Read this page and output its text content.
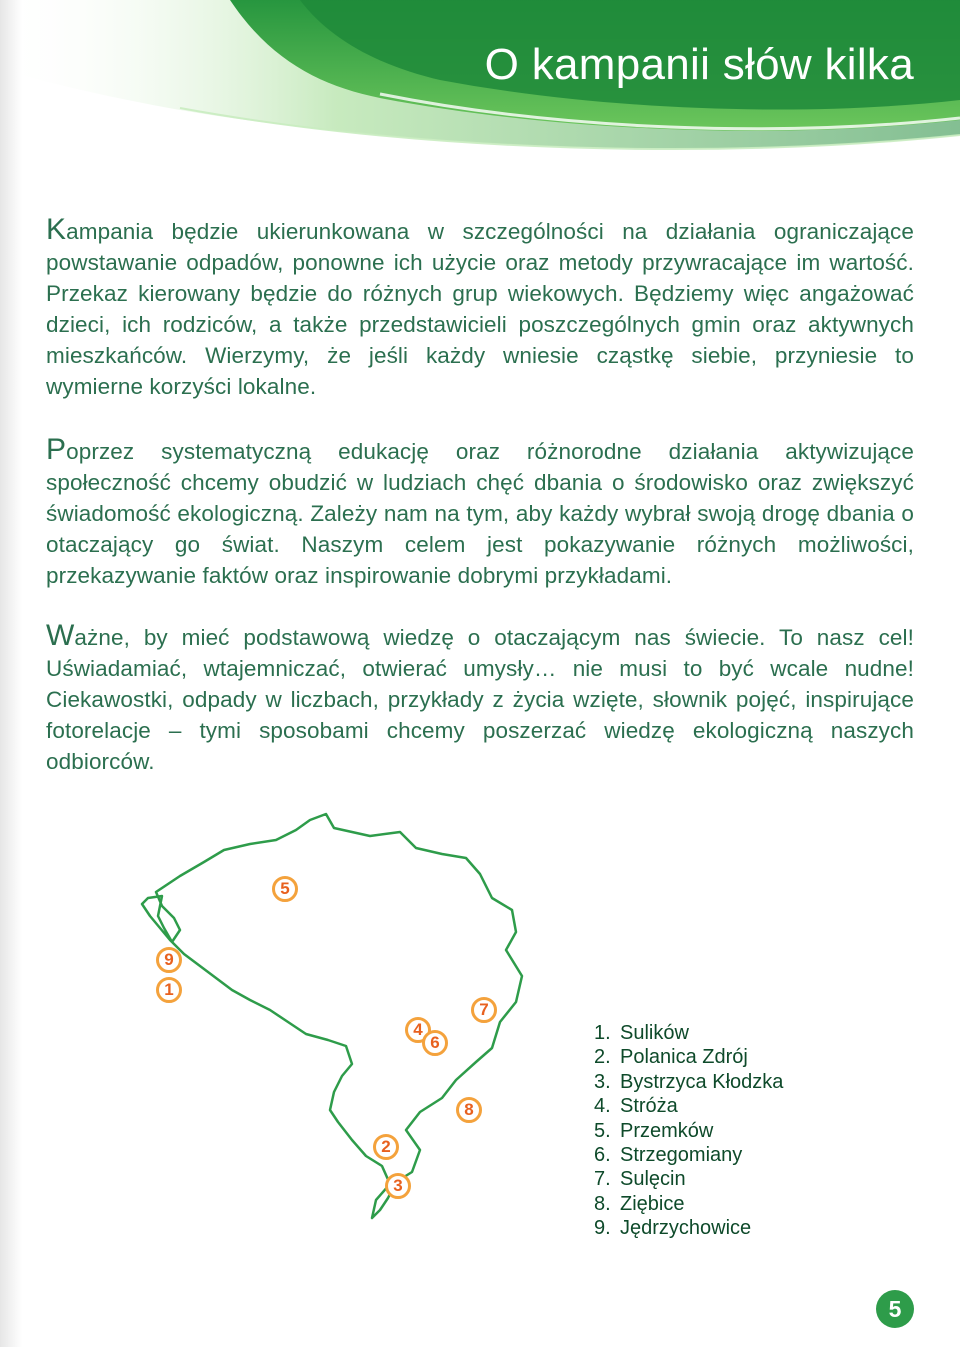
O kampanii słów kilka

Kampania będzie ukierunkowana w szczególności na działania ograniczające powstawanie odpadów, ponowne ich użycie oraz metody przywracające im wartość. Przekaz kierowany będzie do różnych grup wiekowych. Będziemy więc angażować dzieci, ich rodziców, a także przedstawicieli poszczególnych gmin oraz aktywnych mieszkańców. Wierzymy, że jeśli każdy wniesie cząstkę siebie, przyniesie to wymierne korzyści lokalne.

Poprzez systematyczną edukację oraz różnorodne działania aktywizujące społeczność chcemy obudzić w ludziach chęć dbania o środowisko oraz zwiększyć świadomość ekologiczną. Zależy nam na tym, aby każdy wybrał swoją drogę dbania o otaczający go świat. Naszym celem jest pokazywanie różnych możliwości, przekazywanie faktów oraz inspirowanie dobrymi przykładami.

Ważne, by mieć podstawową wiedzę o otaczającym nas świecie. To nasz cel! Uświadamiać, wtajemniczać, otwierać umysły… nie musi to być wcale nudne! Ciekawostki, odpady w liczbach, przykłady z życia wzięte, słownik pojęć, inspirujące fotorelacje – tymi sposobami chcemy poszerzać wiedzę ekologiczną naszych odbiorców.

5
9
1
7
4
6
8
2
3
1. Sulików
2. Polanica Zdrój
3. Bystrzyca Kłodzka
4. Stróża
5. Przemków
6. Strzegomiany
7. Sulęcin
8. Ziębice
9. Jędrzychowice
5
